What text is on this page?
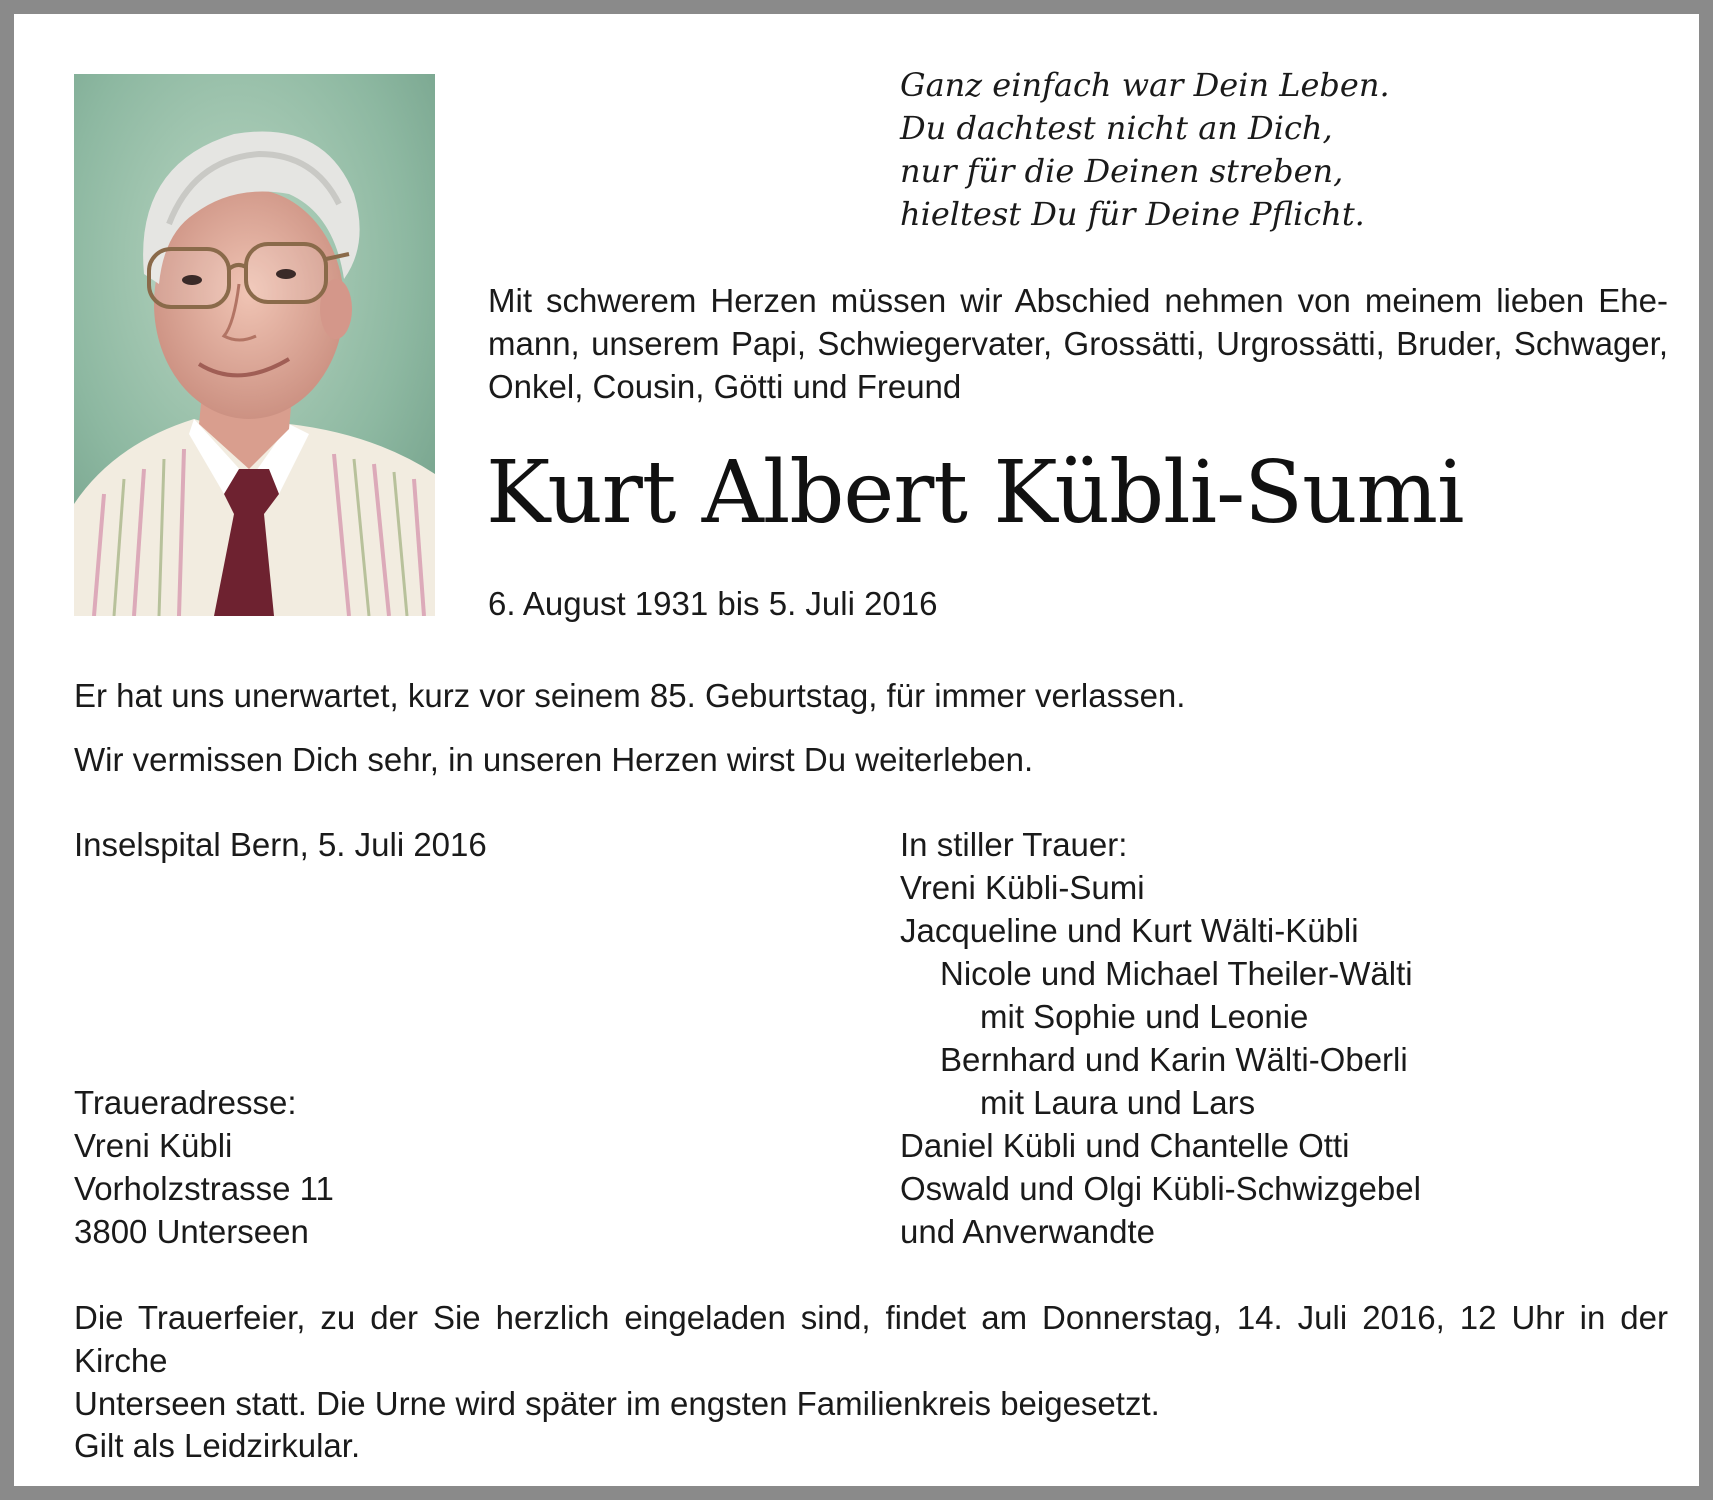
Ganz einfach war Dein Leben.
Du dachtest nicht an Dich,
nur für die Deinen streben,
hieltest Du für Deine Pflicht.
Mit schwerem Herzen müssen wir Abschied nehmen von meinem lieben Ehe-
mann, unserem Papi, Schwiegervater, Grossätti, Urgrossätti, Bruder, Schwager,
Onkel, Cousin, Götti und Freund
Kurt Albert Kübli-Sumi
6. August 1931 bis 5. Juli 2016
Er hat uns unerwartet, kurz vor seinem 85. Geburtstag, für immer verlassen.
Wir vermissen Dich sehr, in unseren Herzen wirst Du weiterleben.
Inselspital Bern, 5. Juli 2016
Traueradresse:
Vreni Kübli
Vorholzstrasse 11
3800 Unterseen
In stiller Trauer:
Vreni Kübli-Sumi
Jacqueline und Kurt Wälti-Kübli
Nicole und Michael Theiler-Wälti
mit Sophie und Leonie
Bernhard und Karin Wälti-Oberli
mit Laura und Lars
Daniel Kübli und Chantelle Otti
Oswald und Olgi Kübli-Schwizgebel
und Anverwandte
Die Trauerfeier, zu der Sie herzlich eingeladen sind, findet am Donnerstag, 14. Juli 2016, 12 Uhr in der Kirche
Unterseen statt. Die Urne wird später im engsten Familienkreis beigesetzt.
Gilt als Leidzirkular.
